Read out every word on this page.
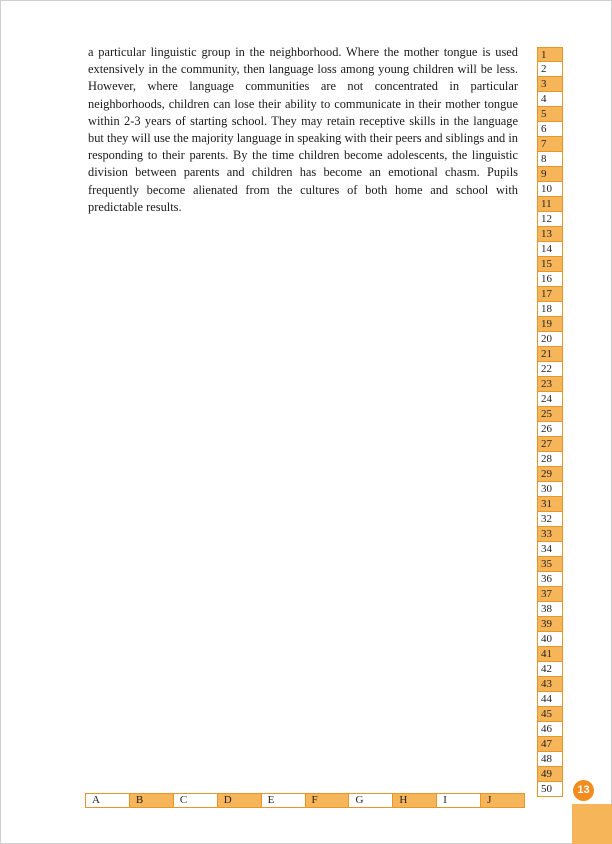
a particular linguistic group in the neighborhood. Where the mother tongue is used extensively in the community, then language loss among young children will be less. However, where language communities are not concentrated in particular neighborhoods, children can lose their ability to communicate in their mother tongue within 2-3 years of starting school. They may retain receptive skills in the language but they will use the majority language in speaking with their peers and siblings and in responding to their parents. By the time children become adolescents, the linguistic division between parents and children has become an emotional chasm. Pupils frequently become alienated from the cultures of both home and school with predictable results.

1
2
3
4
5
6
7
8
9
10
11
12
13
14
15
16
17
18
19
20
21
22
23
24
25
26
27
28
29
30
31
32
33
34
35
36
37
38
39
40
41
42
43
44
45
46
47
48
49
50
A	B	C	D	E	F	G	H	I	J
13
